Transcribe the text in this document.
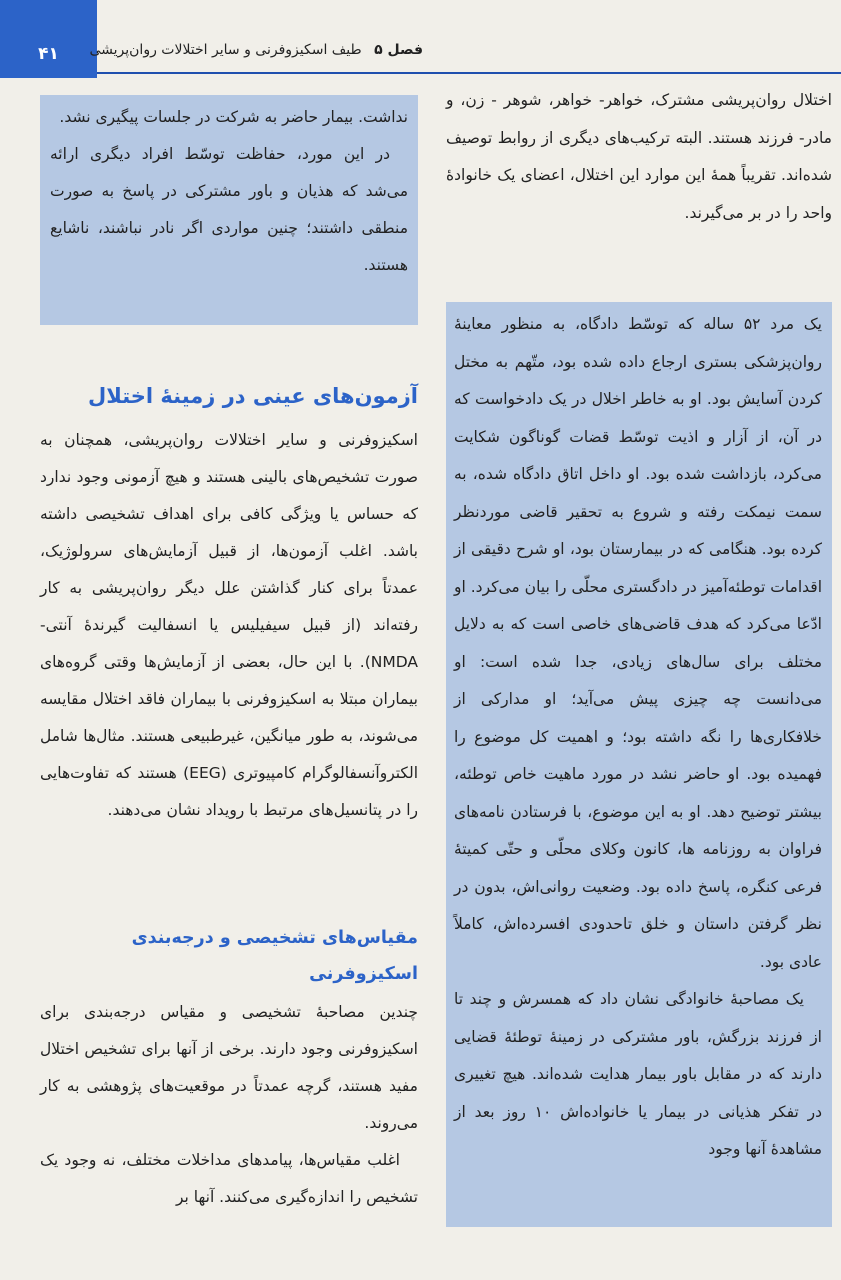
۴۱	فصل ۵ طیف اسکیزوفرنی و سایر اختلالات روان‌پریشی

اختلال روان‌پریشی مشترک، خواهر- خواهر، شوهر - زن، و مادر- فرزند هستند. البته ترکیب‌های دیگری از روابط توصیف شده‌اند. تقریباً همهٔ این موارد این اختلال، اعضای یک خانوادهٔ واحد را در بر می‌گیرند.

یک مرد ۵۲ ساله که توسّط دادگاه، به منظور معاینهٔ روان‌پزشکی بستری ارجاع داده شده بود، متّهم به مختل کردن آسایش بود. او به خاطر اخلال در یک دادخواست که در آن، از آزار و اذیت توسّط قضات گوناگون شکایت می‌کرد، بازداشت شده بود. او داخل اتاق دادگاه شده، به سمت نیمکت رفته و شروع به تحقیر قاضی موردنظر کرده بود. هنگامی که در بیمارستان بود، او شرح دقیقی از اقدامات توطئه‌آمیز در دادگستری محلّی را بیان می‌کرد. او ادّعا می‌کرد که هدف قاضی‌های خاصی است که به دلایل مختلف برای سال‌های زیادی، جدا شده است: او می‌دانست چه چیزی پیش می‌آید؛ او مدارکی از خلافکاری‌ها را نگه داشته بود؛ و اهمیت کل موضوع را فهمیده بود. او حاضر نشد در مورد ماهیت خاص توطئه، بیشتر توضیح دهد. او به این موضوع، با فرستادن نامه‌های فراوان به روزنامه ها، کانون وکلای محلّی و حتّی کمیتهٔ فرعی کنگره، پاسخ داده بود. وضعیت روانی‌اش، بدون در نظر گرفتن داستان و خلق تاحدودی افسرده‌اش، کاملاً عادی بود.

یک مصاحبهٔ خانوادگی نشان داد که همسرش و چند تا از فرزند بزرگش، باور مشترکی در زمینهٔ توطئهٔ قضایی دارند که در مقابل باور بیمار هدایت شده‌اند. هیچ تغییری در تفکر هذیانی در بیمار یا خانواده‌اش ۱۰ روز بعد از مشاهدهٔ آنها وجود

نداشت. بیمار حاضر به شرکت در جلسات پیگیری نشد.

در این مورد، حفاظت توسّط افراد دیگری ارائه می‌شد که هذیان و باور مشترکی در پاسخ به صورت منطقی داشتند؛ چنین مواردی اگر نادر نباشند، ناشایع هستند.

آزمون‌های عینی در زمینهٔ اختلال

اسکیزوفرنی و سایر اختلالات روان‌پریشی، همچنان به صورت تشخیص‌های بالینی هستند و هیچ آزمونی وجود ندارد که حساس یا ویژگی کافی برای اهداف تشخیصی داشته باشد. اغلب آزمون‌ها، از قبیل آزمایش‌های سرولوژیک، عمدتاً برای کنار گذاشتن علل دیگر روان‌پریشی به کار رفته‌اند (از قبیل سیفیلیس یا انسفالیت گیرندهٔ آنتی-NMDA). با این حال، بعضی از آزمایش‌ها وقتی گروه‌های بیماران مبتلا به اسکیزوفرنی با بیماران فاقد اختلال مقایسه می‌شوند، به طور میانگین، غیرطبیعی هستند. مثال‌ها شامل الکتروآنسفالوگرام کامپیوتری (EEG) هستند که تفاوت‌هایی را در پتانسیل‌های مرتبط با رویداد نشان می‌دهند.

مقیاس‌های تشخیصی و درجه‌بندی اسکیزوفرنی

چندین مصاحبهٔ تشخیصی و مقیاس درجه‌بندی برای اسکیزوفرنی وجود دارند. برخی از آنها برای تشخیص اختلال مفید هستند، گرچه عمدتاً در موقعیت‌های پژوهشی به کار می‌روند.

اغلب مقیاس‌ها، پیامدهای مداخلات مختلف، نه وجود یک تشخیص را اندازه‌گیری می‌کنند. آنها بر
